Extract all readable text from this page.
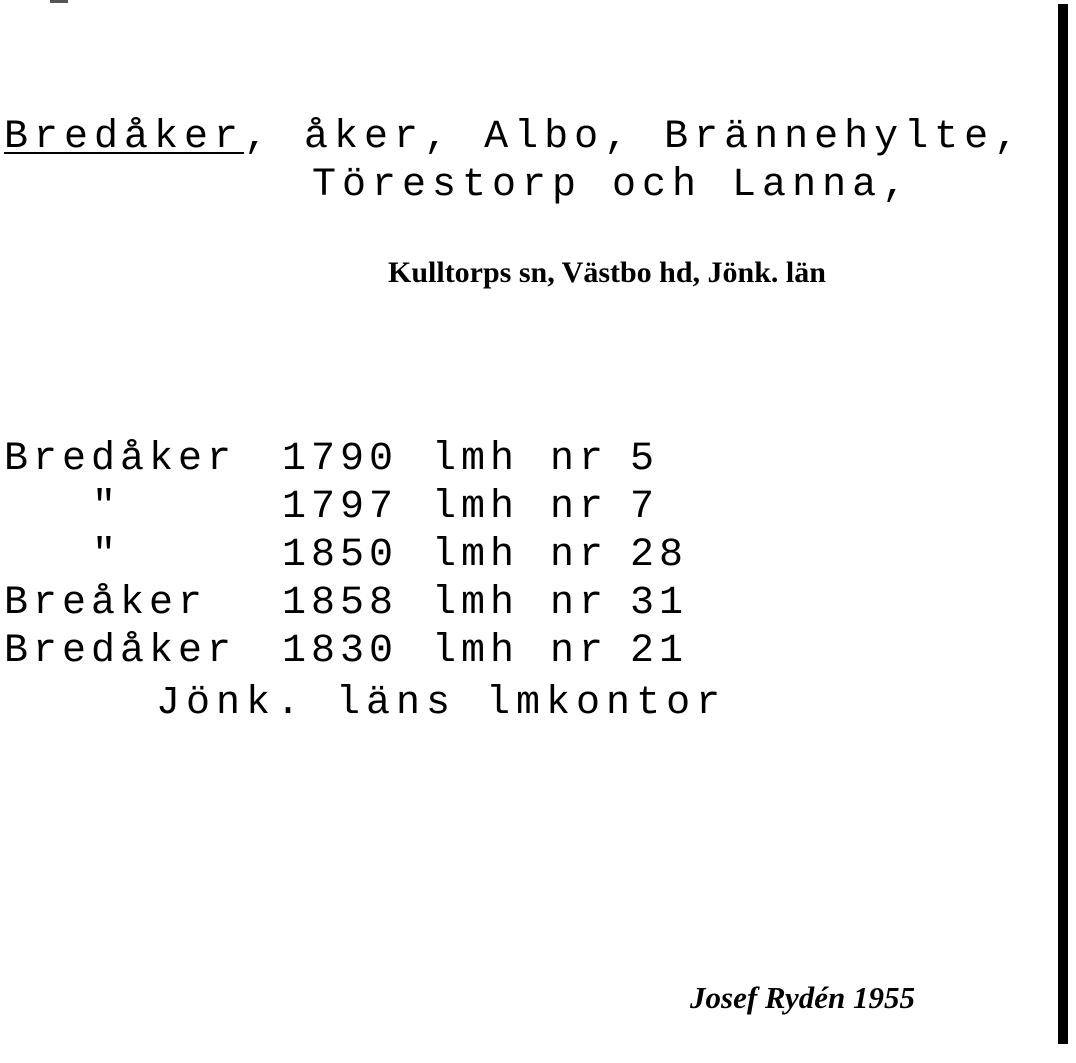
Bredåker, åker, Albo, Brännehylte,
Törestorp och Lanna,
Kulltorps sn, Västbo hd, Jönk. län
Bredåker	1790 lmh nr 5
"	1797 lmh nr 7
"	1850 lmh nr 28
Breåker	1858 lmh nr 31
Bredåker	1830 lmh nr 21
Jönk. läns lmkontor
Josef Rydén 1955
